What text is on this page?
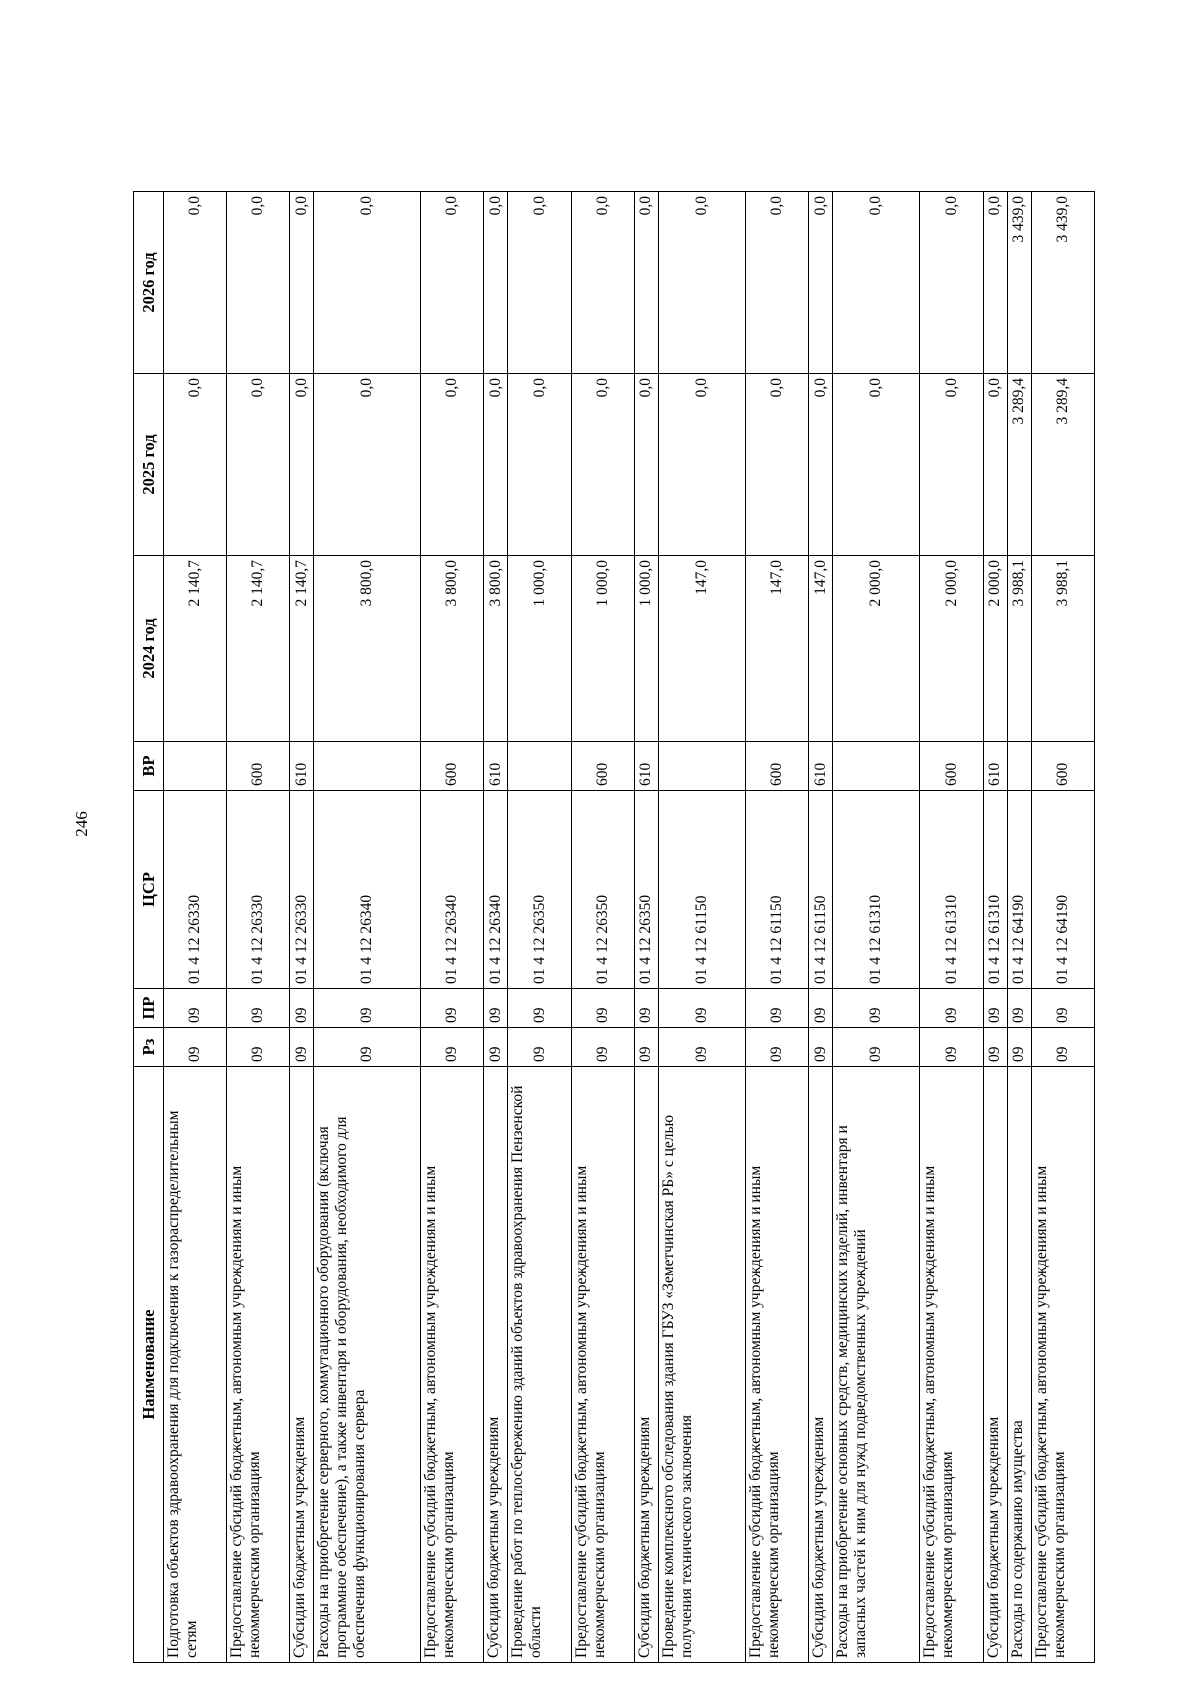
246
Наименование	Рз	ПР	ЦСР	ВР	2024 год	2025 год	2026 год
Подготовка объектов здравоохранения для подключения к газораспределительным сетям	09	09	01 4 12 26330		2 140,7	0,0	0,0
Предоставление субсидий бюджетным, автономным учреждениям и иным некоммерческим организациям	09	09	01 4 12 26330	600	2 140,7	0,0	0,0
Субсидии бюджетным учреждениям	09	09	01 4 12 26330	610	2 140,7	0,0	0,0
Расходы на приобретение серверного, коммутационного оборудования (включая программное обеспечение), а также инвентаря и оборудования, необходимого для обеспечения функционирования сервера	09	09	01 4 12 26340		3 800,0	0,0	0,0
Предоставление субсидий бюджетным, автономным учреждениям и иным некоммерческим организациям	09	09	01 4 12 26340	600	3 800,0	0,0	0,0
Субсидии бюджетным учреждениям	09	09	01 4 12 26340	610	3 800,0	0,0	0,0
Проведение работ по теплосбережению зданий объектов здравоохранения Пензенской области	09	09	01 4 12 26350		1 000,0	0,0	0,0
Предоставление субсидий бюджетным, автономным учреждениям и иным некоммерческим организациям	09	09	01 4 12 26350	600	1 000,0	0,0	0,0
Субсидии бюджетным учреждениям	09	09	01 4 12 26350	610	1 000,0	0,0	0,0
Проведение комплексного обследования здания ГБУЗ «Земетчинская РБ» с целью получения технического заключения	09	09	01 4 12 61150		147,0	0,0	0,0
Предоставление субсидий бюджетным, автономным учреждениям и иным некоммерческим организациям	09	09	01 4 12 61150	600	147,0	0,0	0,0
Субсидии бюджетным учреждениям	09	09	01 4 12 61150	610	147,0	0,0	0,0
Расходы на приобретение основных средств, медицинских изделий, инвентаря и запасных частей к ним для нужд подведомственных учреждений	09	09	01 4 12 61310		2 000,0	0,0	0,0
Предоставление субсидий бюджетным, автономным учреждениям и иным некоммерческим организациям	09	09	01 4 12 61310	600	2 000,0	0,0	0,0
Субсидии бюджетным учреждениям	09	09	01 4 12 61310	610	2 000,0	0,0	0,0
Расходы по содержанию имущества	09	09	01 4 12 64190		3 988,1	3 289,4	3 439,0
Предоставление субсидий бюджетным, автономным учреждениям и иным некоммерческим организациям	09	09	01 4 12 64190	600	3 988,1	3 289,4	3 439,0
